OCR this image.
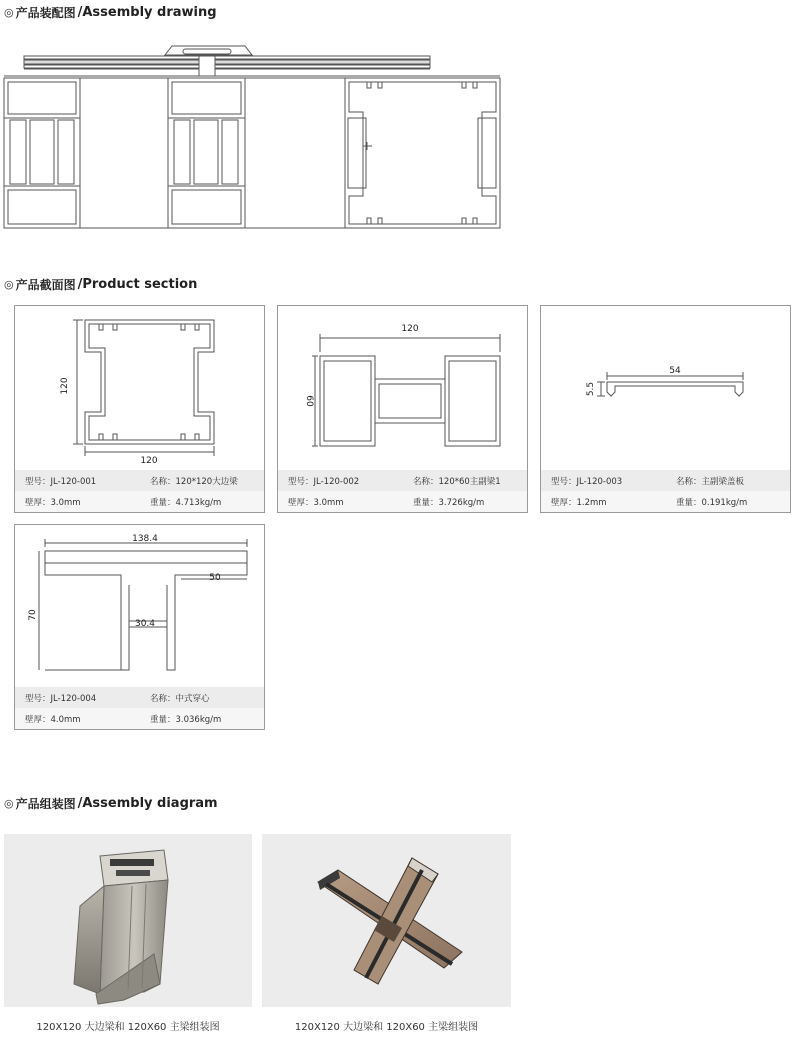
◎ 产品装配图 /Assembly drawing
◎ 产品截面图 /Product section
120
120
型号：JL-120-001	名称：120*120大边梁
壁厚：3.0mm	重量：4.713kg/m
120
60
型号：JL-120-002	名称：120*60主副梁1
壁厚：3.0mm	重量：3.726kg/m
54
5.5
型号：JL-120-003	名称：主副梁盖板
壁厚：1.2mm	重量：0.191kg/m
138.4
50
30.4
70
型号：JL-120-004	名称：中式穿心
壁厚：4.0mm	重量：3.036kg/m
◎ 产品组装图 /Assembly diagram
120X120 大边梁和 120X60 主梁组装图	120X120 大边梁和 120X60 主梁组装图
